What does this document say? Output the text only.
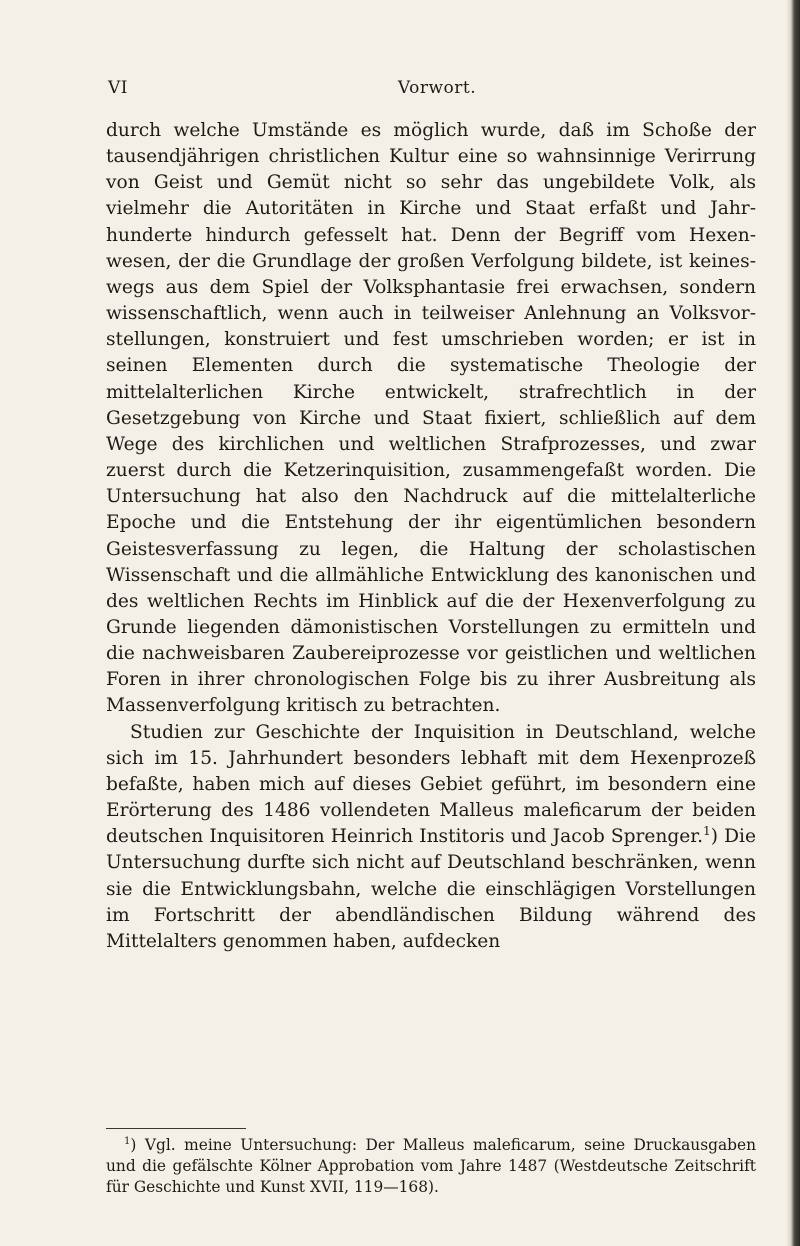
VI	Vorwort.

durch welche Umstände es möglich wurde, daß im Schoße der tausendjährigen christlichen Kultur eine so wahnsinnige Verirrung von Geist und Gemüt nicht so sehr das ungebildete Volk, als vielmehr die Autoritäten in Kirche und Staat erfaßt und Jahrhunderte hindurch gefesselt hat. Denn der Begriff vom Hexenwesen, der die Grundlage der großen Verfolgung bildete, ist keineswegs aus dem Spiel der Volksphantasie frei erwachsen, sondern wissenschaftlich, wenn auch in teilweiser Anlehnung an Volksvorstellungen, konstruiert und fest umschrieben worden; er ist in seinen Elementen durch die systematische Theologie der mittelalterlichen Kirche entwickelt, strafrechtlich in der Gesetzgebung von Kirche und Staat fixiert, schließlich auf dem Wege des kirchlichen und weltlichen Strafprozesses, und zwar zuerst durch die Ketzerinquisition, zusammengefaßt worden. Die Untersuchung hat also den Nachdruck auf die mittelalterliche Epoche und die Entstehung der ihr eigentümlichen besondern Geistesverfassung zu legen, die Haltung der scholastischen Wissenschaft und die allmähliche Entwicklung des kanonischen und des weltlichen Rechts im Hinblick auf die der Hexenverfolgung zu Grunde liegenden dämonistischen Vorstellungen zu ermitteln und die nachweisbaren Zaubereiprozesse vor geistlichen und weltlichen Foren in ihrer chronologischen Folge bis zu ihrer Ausbreitung als Massenverfolgung kritisch zu betrachten.

Studien zur Geschichte der Inquisition in Deutschland, welche sich im 15. Jahrhundert besonders lebhaft mit dem Hexenprozeß befaßte, haben mich auf dieses Gebiet geführt, im besondern eine Erörterung des 1486 vollendeten Malleus maleficarum der beiden deutschen Inquisitoren Heinrich Institoris und Jacob Sprenger.$^1$) Die Untersuchung durfte sich nicht auf Deutschland beschränken, wenn sie die Entwicklungsbahn, welche die einschlägigen Vorstellungen im Fortschritt der abendländischen Bildung während des Mittelalters genommen haben, aufdecken

$^1$) Vgl. meine Untersuchung: Der Malleus maleficarum, seine Druckausgaben und die gefälschte Kölner Approbation vom Jahre 1487 (Westdeutsche Zeitschrift für Geschichte und Kunst XVII, 119—168).
